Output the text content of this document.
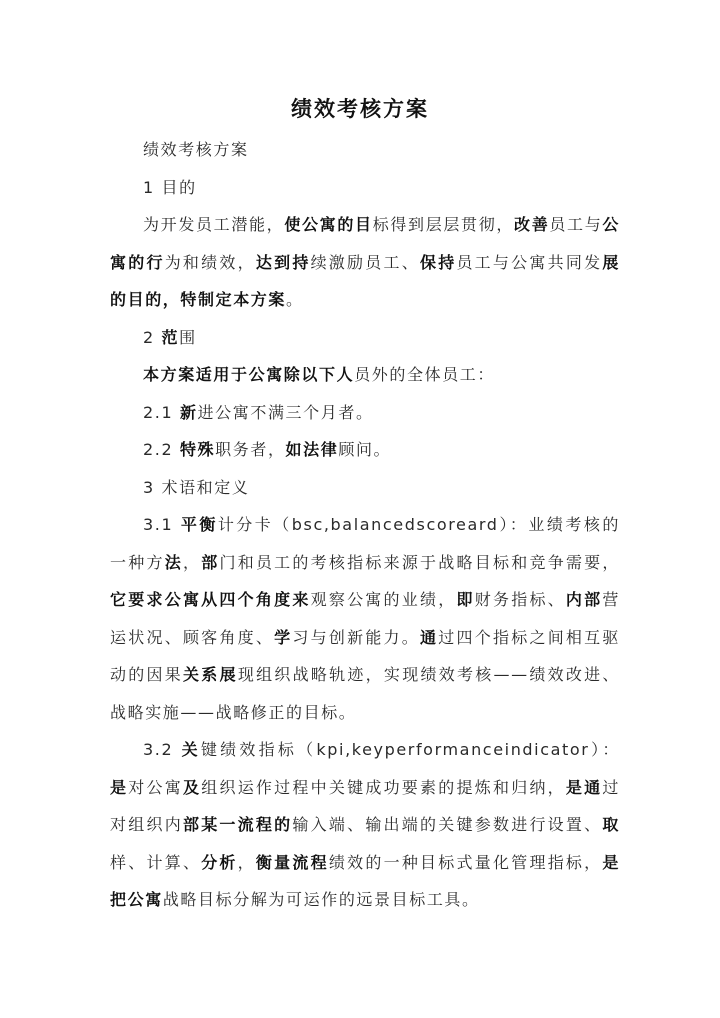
绩效考核方案

绩效考核方案

1 目的

为开发员工潜能，使公寓的目标得到层层贯彻，改善员工与公寓的行为和绩效，达到持续激励员工、保持员工与公寓共同发展的目的，特制定本方案。

2 范围

本方案适用于公寓除以下人员外的全体员工：

2.1 新进公寓不满三个月者。

2.2 特殊职务者，如法律顾问。

3 术语和定义

3.1 平衡计分卡（bsc,balancedscoreard）：业绩考核的一种方法，部门和员工的考核指标来源于战略目标和竞争需要，它要求公寓从四个角度来观察公寓的业绩，即财务指标、内部营运状况、顾客角度、学习与创新能力。通过四个指标之间相互驱动的因果关系展现组织战略轨迹，实现绩效考核——绩效改进、战略实施——战略修正的目标。

3.2 关键绩效指标（kpi,keyperformanceindicator）：是对公寓及组织运作过程中关键成功要素的提炼和归纳，是通过对组织内部某一流程的输入端、输出端的关键参数进行设置、取样、计算、分析，衡量流程绩效的一种目标式量化管理指标，是把公寓战略目标分解为可运作的远景目标工具。
